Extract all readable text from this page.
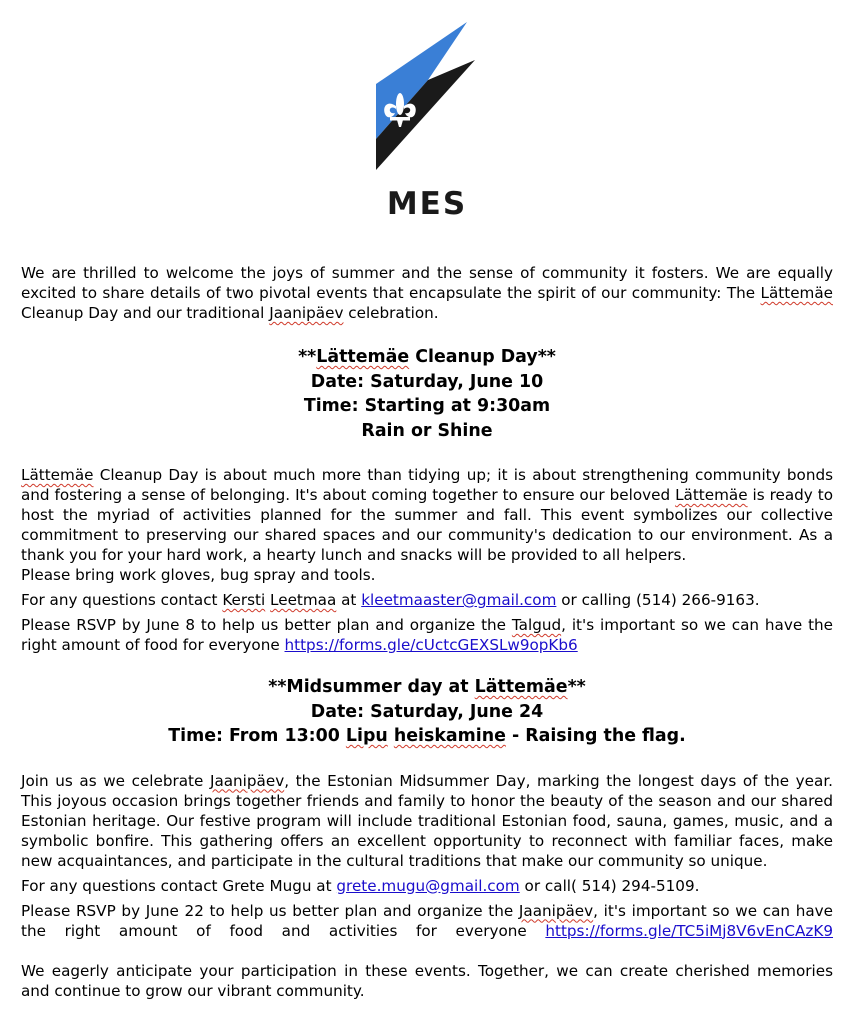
MES

We are thrilled to welcome the joys of summer and the sense of community it fosters. We are equally excited to share details of two pivotal events that encapsulate the spirit of our community: The Lättemäe Cleanup Day and our traditional Jaanipäev celebration.

**Lättemäe Cleanup Day**
Date: Saturday, June 10
Time: Starting at 9:30am
Rain or Shine

Lättemäe Cleanup Day is about much more than tidying up; it is about strengthening community bonds and fostering a sense of belonging. It's about coming together to ensure our beloved Lättemäe is ready to host the myriad of activities planned for the summer and fall. This event symbolizes our collective commitment to preserving our shared spaces and our community's dedication to our environment. As a thank you for your hard work, a hearty lunch and snacks will be provided to all helpers.

Please bring work gloves, bug spray and tools.

For any questions contact Kersti Leetmaa at kleetmaaster@gmail.com or calling (514) 266-9163.

Please RSVP by June 8 to help us better plan and organize the Talgud, it's important so we can have the right amount of food for everyone https://forms.gle/cUctcGEXSLw9opKb6

**Midsummer day at Lättemäe**
Date: Saturday, June 24
Time: From 13:00 Lipu heiskamine - Raising the flag.

Join us as we celebrate Jaanipäev, the Estonian Midsummer Day, marking the longest days of the year. This joyous occasion brings together friends and family to honor the beauty of the season and our shared Estonian heritage. Our festive program will include traditional Estonian food, sauna, games, music, and a symbolic bonfire. This gathering offers an excellent opportunity to reconnect with familiar faces, make new acquaintances, and participate in the cultural traditions that make our community so unique.

For any questions contact Grete Mugu at grete.mugu@gmail.com or call( 514) 294-5109.

Please RSVP by June 22 to help us better plan and organize the Jaanipäev, it's important so we can have the right amount of food and activities for everyone https://forms.gle/TC5iMj8V6vEnCAzK9

We eagerly anticipate your participation in these events. Together, we can create cherished memories and continue to grow our vibrant community.
